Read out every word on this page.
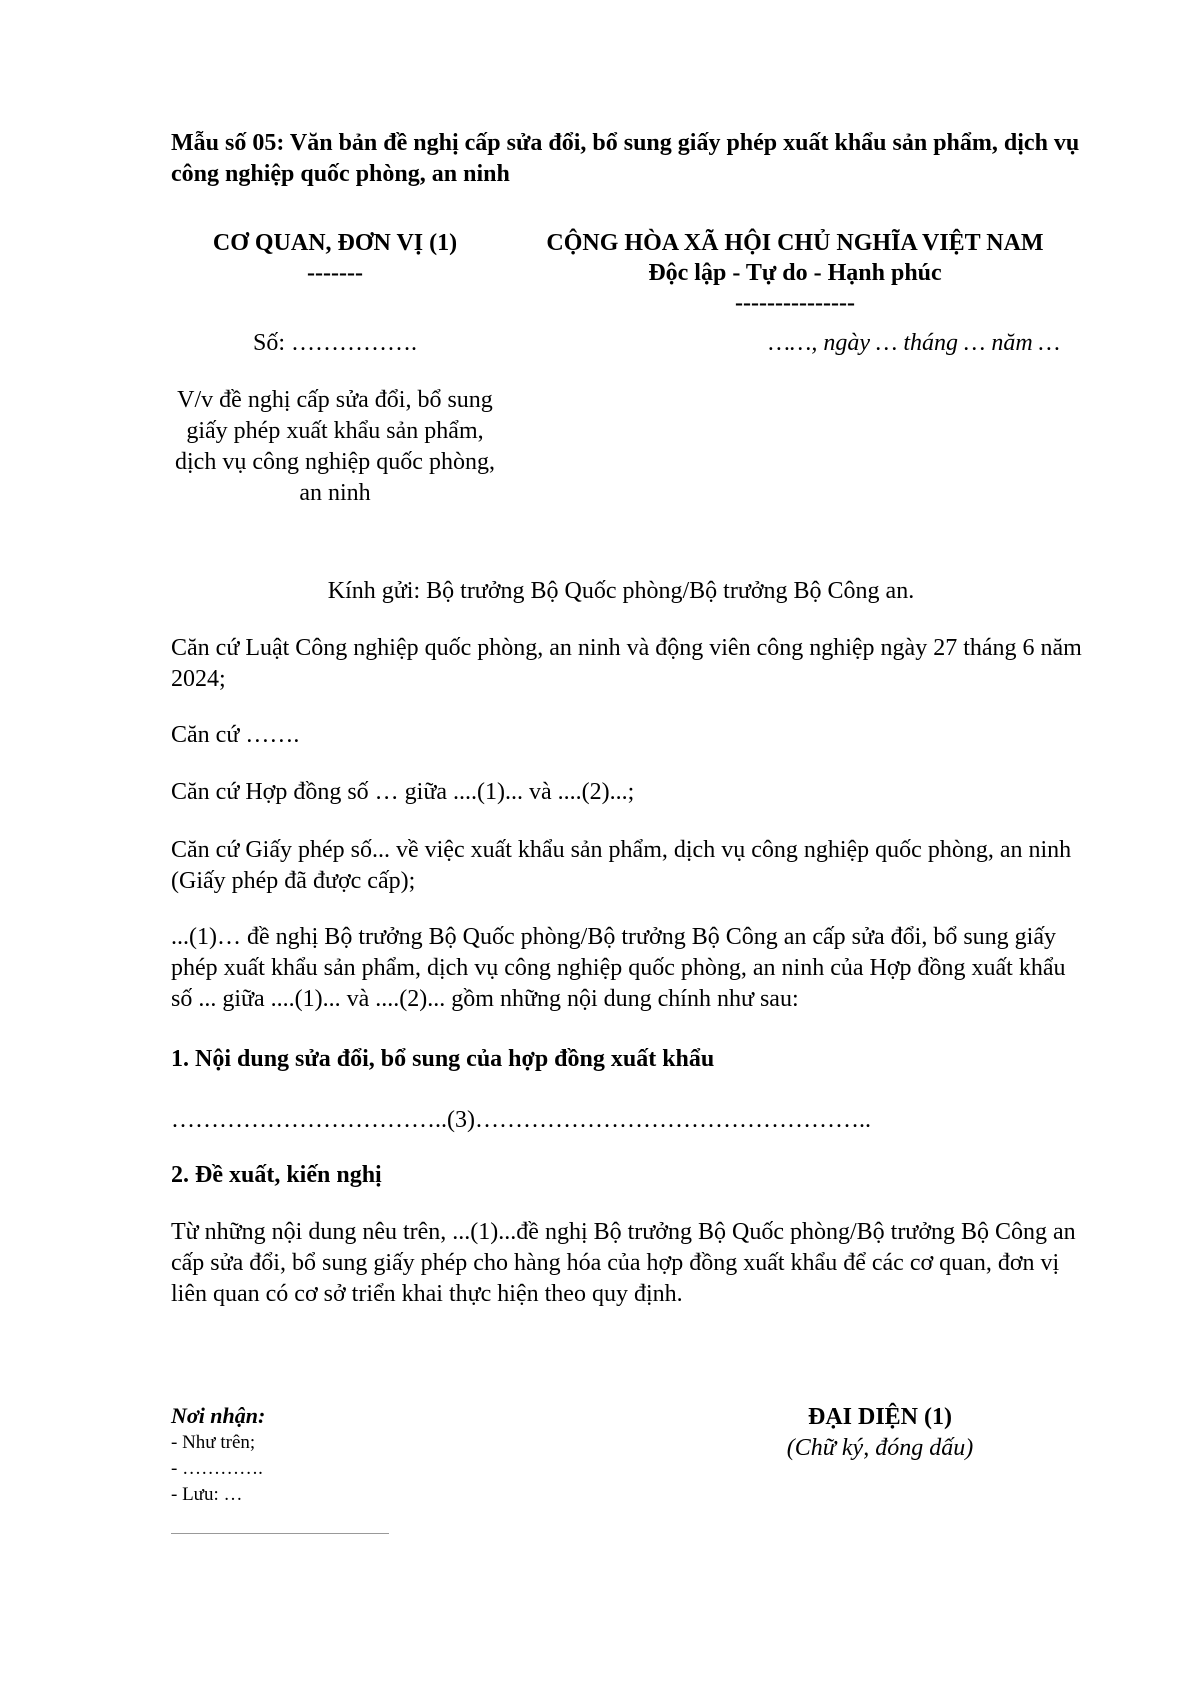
Mẫu số 05: Văn bản đề nghị cấp sửa đổi, bổ sung giấy phép xuất khẩu sản phẩm, dịch vụ công nghiệp quốc phòng, an ninh

CƠ QUAN, ĐƠN VỊ (1)
-------
CỘNG HÒA XÃ HỘI CHỦ NGHĨA VIỆT NAM
Độc lập - Tự do - Hạnh phúc
---------------
Số: …………….	……, ngày … tháng … năm …

V/v đề nghị cấp sửa đổi, bổ sung giấy phép xuất khẩu sản phẩm, dịch vụ công nghiệp quốc phòng, an ninh

Kính gửi: Bộ trưởng Bộ Quốc phòng/Bộ trưởng Bộ Công an.

Căn cứ Luật Công nghiệp quốc phòng, an ninh và động viên công nghiệp ngày 27 tháng 6 năm 2024;

Căn cứ …….

Căn cứ Hợp đồng số … giữa ....(1)... và ....(2)...;

Căn cứ Giấy phép số... về việc xuất khẩu sản phẩm, dịch vụ công nghiệp quốc phòng, an ninh (Giấy phép đã được cấp);

...(1)… đề nghị Bộ trưởng Bộ Quốc phòng/Bộ trưởng Bộ Công an cấp sửa đổi, bổ sung giấy phép xuất khẩu sản phẩm, dịch vụ công nghiệp quốc phòng, an ninh của Hợp đồng xuất khẩu số ... giữa ....(1)... và ....(2)... gồm những nội dung chính như sau:

1. Nội dung sửa đổi, bổ sung của hợp đồng xuất khẩu
……………………………..(3)…………………………………………..
2. Đề xuất, kiến nghị

Từ những nội dung nêu trên, ...(1)...đề nghị Bộ trưởng Bộ Quốc phòng/Bộ trưởng Bộ Công an cấp sửa đổi, bổ sung giấy phép cho hàng hóa của hợp đồng xuất khẩu để các cơ quan, đơn vị liên quan có cơ sở triển khai thực hiện theo quy định.

Nơi nhận:
- Như trên;
- ………….
- Lưu: …
ĐẠI DIỆN (1)
(Chữ ký, đóng dấu)
